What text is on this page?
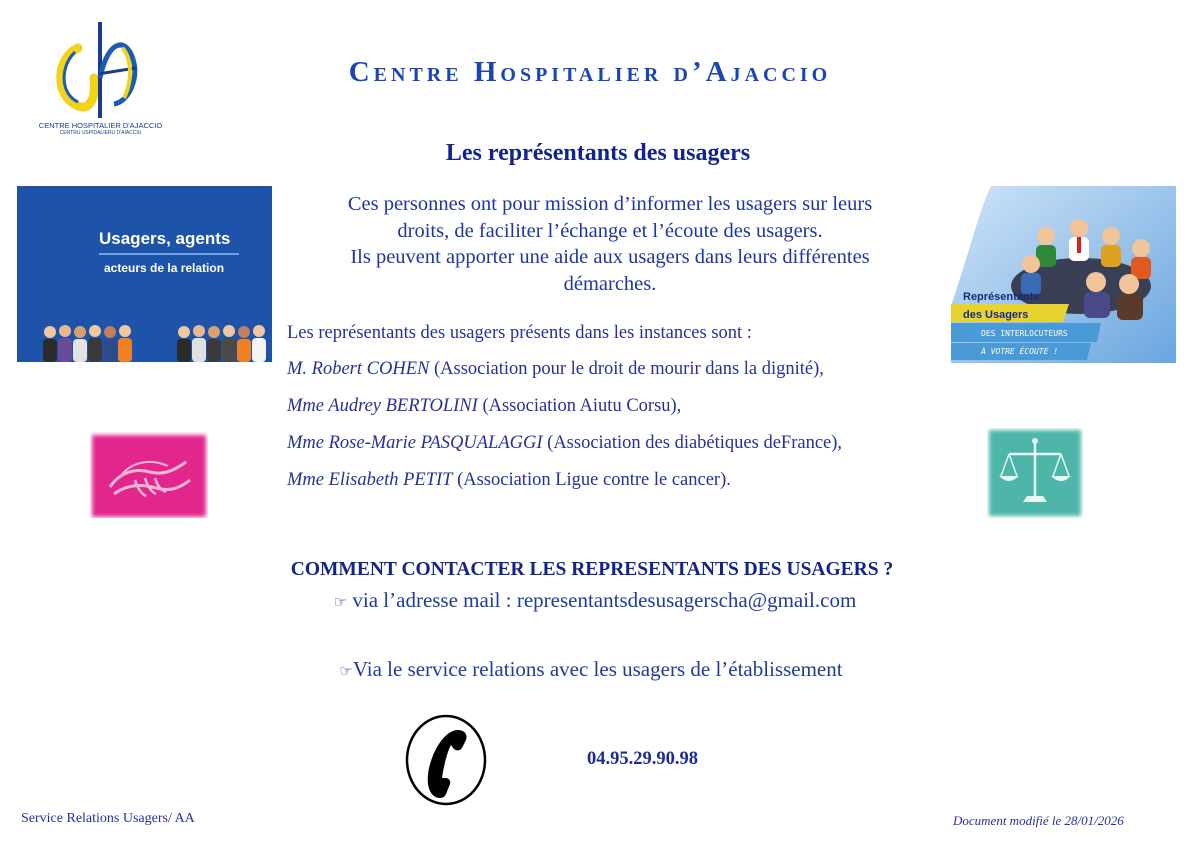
CENTRE HOSPITALIER D'AJACCIO
CENTRU USPIDALIERU D'AIACCIU
Centre Hospitalier d’Ajaccio
Les représentants des usagers
Usagers, agents
acteurs de la relation
Ces personnes ont pour mission d’informer les usagers sur leurs
droits, de faciliter l’échange et l’écoute des usagers.
Ils peuvent apporter une aide aux usagers dans leurs différentes
démarches.
Représentants
des Usagers
DES INTERLOCUTEURS
À VOTRE ÉCOUTE !
Les représentants des usagers présents dans les instances sont :
M. Robert COHEN (Association pour le droit de mourir dans la dignité),
Mme Audrey BERTOLINI (Association Aiutu Corsu),
Mme Rose-Marie PASQUALAGGI (Association des diabétiques deFrance),
Mme Elisabeth PETIT (Association Ligue contre le cancer).
COMMENT CONTACTER LES REPRESENTANTS DES USAGERS ?
☞ via l’adresse mail : representantsdesusagerscha@gmail.com
☞Via le service relations avec les usagers de l’établissement
04.95.29.90.98
Service Relations Usagers/ AA	Document modifié le 28/01/2026
